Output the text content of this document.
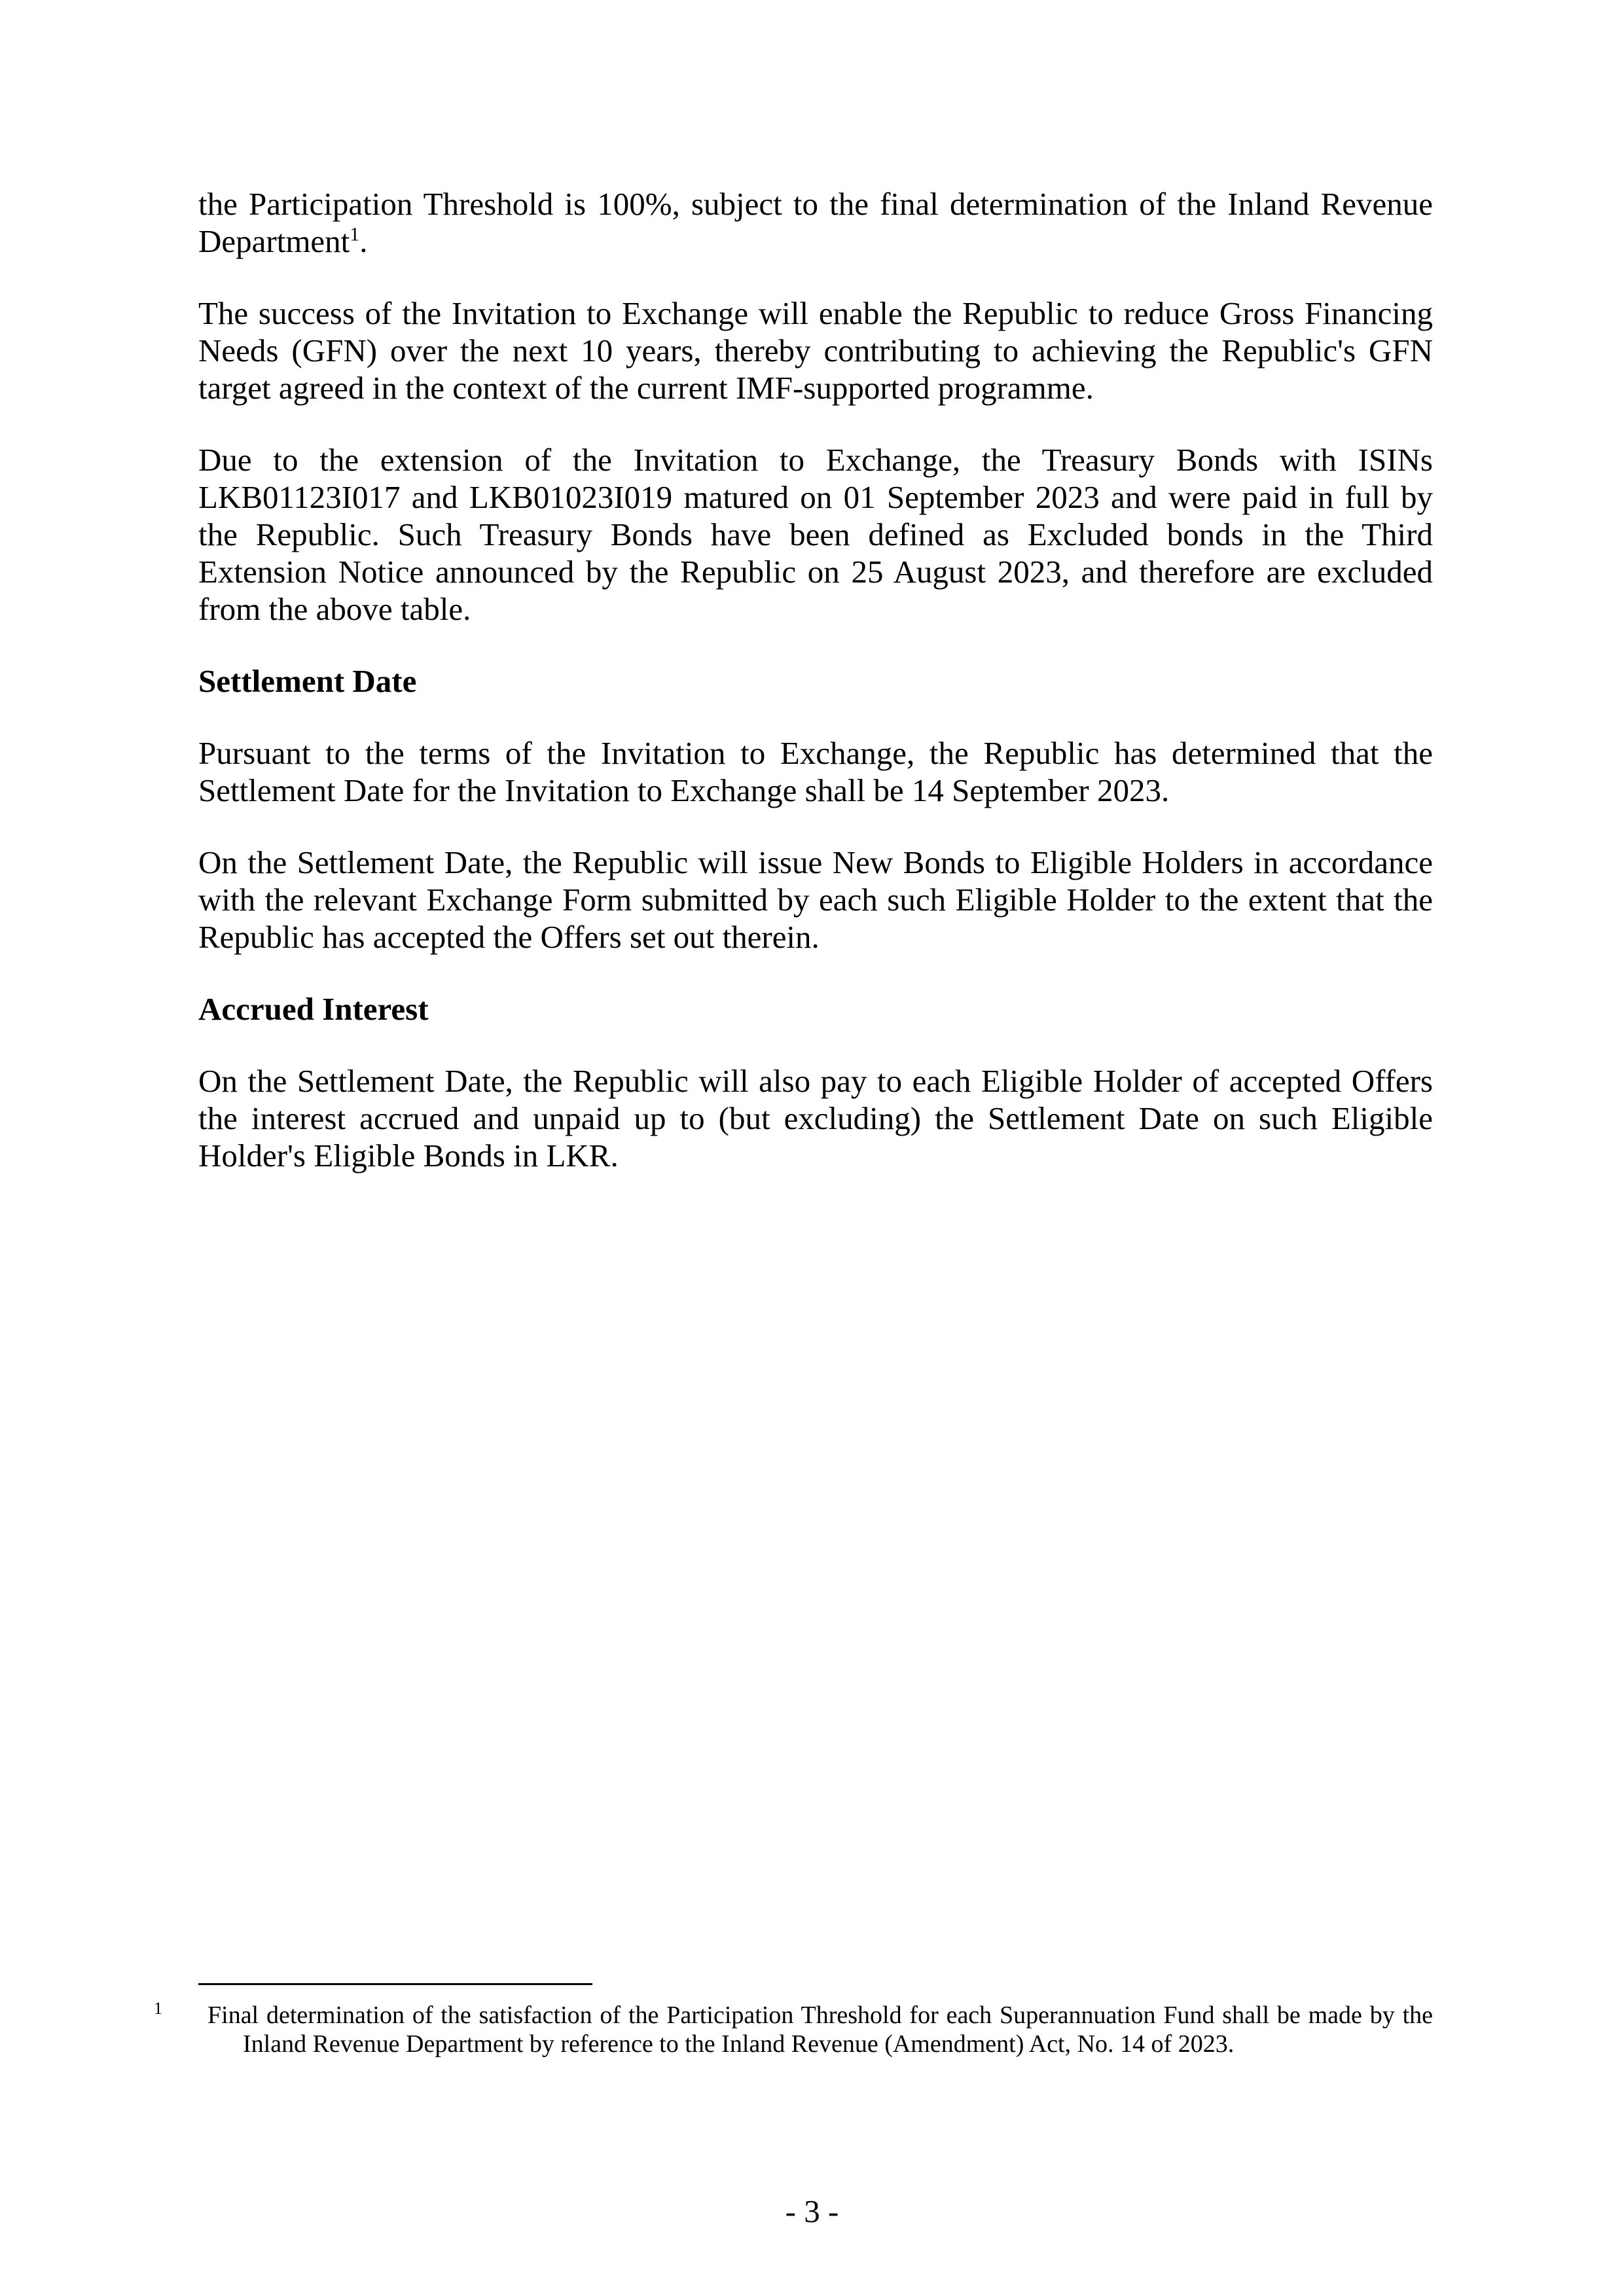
the Participation Threshold is 100%, subject to the final determination of the Inland Revenue Department$^1$.

The success of the Invitation to Exchange will enable the Republic to reduce Gross Financing Needs (GFN) over the next 10 years, thereby contributing to achieving the Republic's GFN target agreed in the context of the current IMF-supported programme.

Due to the extension of the Invitation to Exchange, the Treasury Bonds with ISINs LKB01123I017 and LKB01023I019 matured on 01 September 2023 and were paid in full by the Republic. Such Treasury Bonds have been defined as Excluded bonds in the Third Extension Notice announced by the Republic on 25 August 2023, and therefore are excluded from the above table.

Settlement Date

Pursuant to the terms of the Invitation to Exchange, the Republic has determined that the Settlement Date for the Invitation to Exchange shall be 14 September 2023.

On the Settlement Date, the Republic will issue New Bonds to Eligible Holders in accordance with the relevant Exchange Form submitted by each such Eligible Holder to the extent that the Republic has accepted the Offers set out therein.

Accrued Interest

On the Settlement Date, the Republic will also pay to each Eligible Holder of accepted Offers the interest accrued and unpaid up to (but excluding) the Settlement Date on such Eligible Holder's Eligible Bonds in LKR.

1 Final determination of the satisfaction of the Participation Threshold for each Superannuation Fund shall be made by the Inland Revenue Department by reference to the Inland Revenue (Amendment) Act, No. 14 of 2023.
- 3 -
